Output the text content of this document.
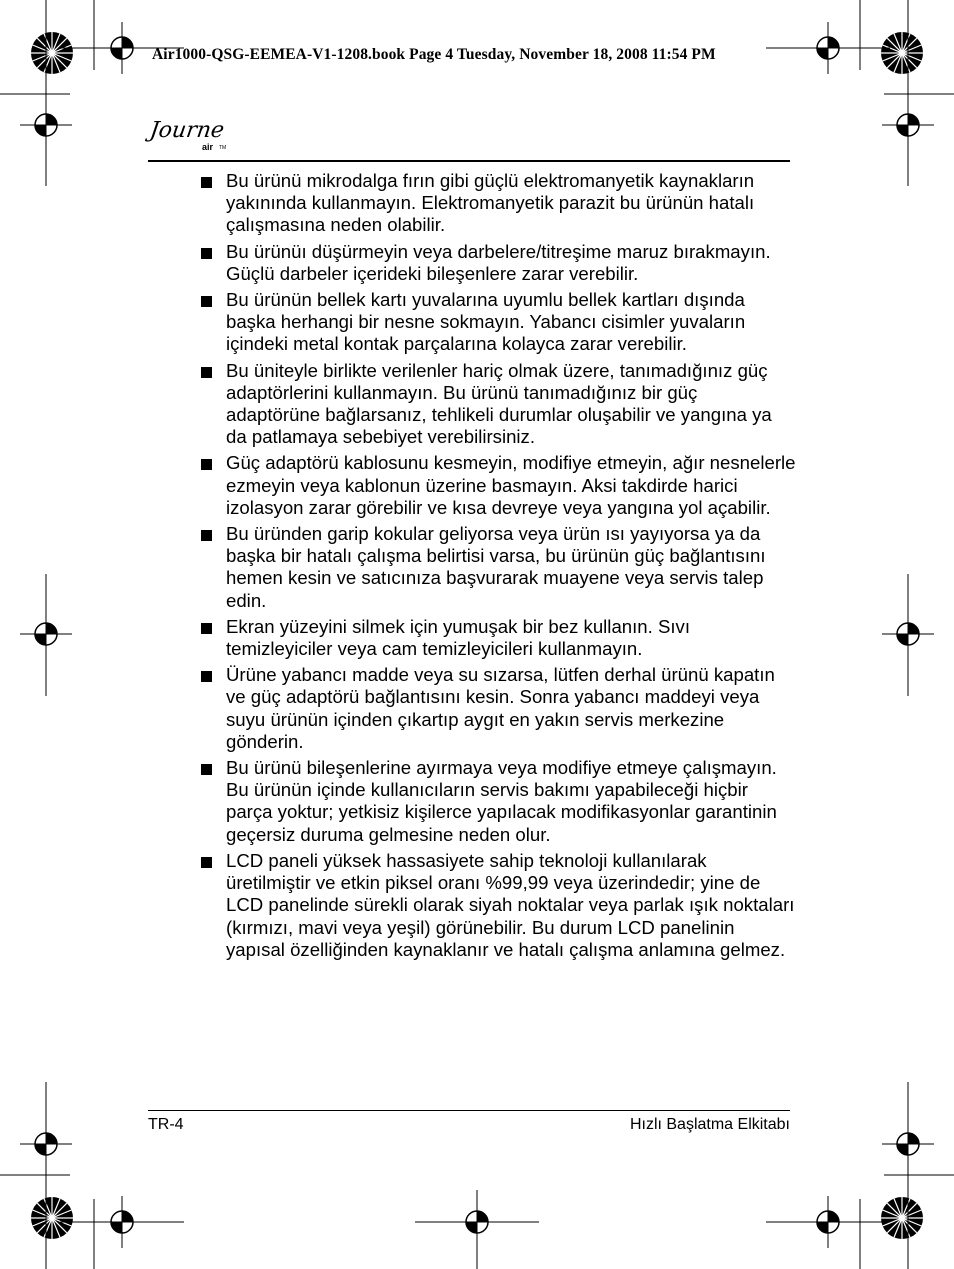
Air1000-QSG-EEMEA-V1-1208.book Page 4 Tuesday, November 18, 2008 11:54 PM
Journe
air TM
Bu ürünü mikrodalga fırın gibi güçlü elektromanyetik kaynakların yakınında kullanmayın. Elektromanyetik parazit bu ürünün hatalı çalışmasına neden olabilir.
Bu ürünüı düşürmeyin veya darbelere/titreşime maruz bırakmayın. Güçlü darbeler içerideki bileşenlere zarar verebilir.
Bu ürünün bellek kartı yuvalarına uyumlu bellek kartları dışında başka herhangi bir nesne sokmayın. Yabancı cisimler yuvaların içindeki metal kontak parçalarına kolayca zarar verebilir.
Bu üniteyle birlikte verilenler hariç olmak üzere, tanımadığınız güç adaptörlerini kullanmayın. Bu ürünü tanımadığınız bir güç adaptörüne bağlarsanız, tehlikeli durumlar oluşabilir ve yangına ya da patlamaya sebebiyet verebilirsiniz.
Güç adaptörü kablosunu kesmeyin, modifiye etmeyin, ağır nesnelerle ezmeyin veya kablonun üzerine basmayın. Aksi takdirde harici izolasyon zarar görebilir ve kısa devreye veya yangına yol açabilir.
Bu üründen garip kokular geliyorsa veya ürün ısı yayıyorsa ya da başka bir hatalı çalışma belirtisi varsa, bu ürünün güç bağlantısını hemen kesin ve satıcınıza başvurarak muayene veya servis talep edin.
Ekran yüzeyini silmek için yumuşak bir bez kullanın. Sıvı temizleyiciler veya cam temizleyicileri kullanmayın.
Ürüne yabancı madde veya su sızarsa, lütfen derhal ürünü kapatın ve güç adaptörü bağlantısını kesin. Sonra yabancı maddeyi veya suyu ürünün içinden çıkartıp aygıt en yakın servis merkezine gönderin.
Bu ürünü bileşenlerine ayırmaya veya modifiye etmeye çalışmayın. Bu ürünün içinde kullanıcıların servis bakımı yapabileceği hiçbir parça yoktur; yetkisiz kişilerce yapılacak modifikasyonlar garantinin geçersiz duruma gelmesine neden olur.
LCD paneli yüksek hassasiyete sahip teknoloji kullanılarak üretilmiştir ve etkin piksel oranı %99,99 veya üzerindedir; yine de LCD panelinde sürekli olarak siyah noktalar veya parlak ışık noktaları (kırmızı, mavi veya yeşil) görünebilir. Bu durum LCD panelinin yapısal özelliğinden kaynaklanır ve hatalı çalışma anlamına gelmez.
TR-4	Hızlı Başlatma Elkitabı
